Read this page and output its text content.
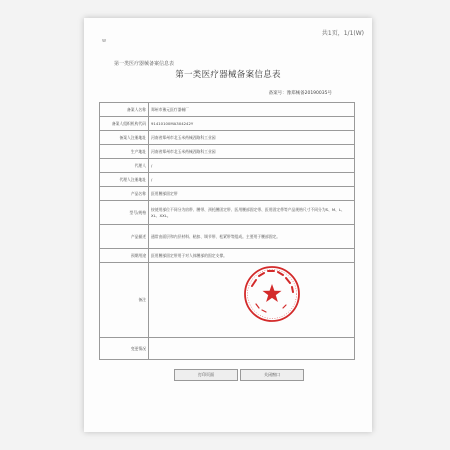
共1页，1/1(W)
w
第一类医疗器械备案信息表
第一类医疗器械备案信息表
备案号：豫郑械备20190035号
备案人名称	郑州市豫元医疗器械厂
备案人组织机构代码	91410100MA3X4242Y
备案人注册地址	河南省郑州市北玉米药械西路科工业园
生产地址	河南省郑州市北玉米药械西路科工业园
代理人	/
代理人注册地址	/
产品名称	医用腰部固定带
型号/规格	按使用部位不同分为肩带、腰带、颈托腰固定带、医用腰部固定带、医用固定带等产品规格尺寸不同分为S、M、L、XL、XXL。
产品描述	通常由面层和内层材料、粘扣、调节带、松紧带等组成。主要用于腰部固定。
预期用途	医用腰部固定带用于对人体腰部的固定支撑。
备注	
变更情况	
打印页面	关闭窗口
